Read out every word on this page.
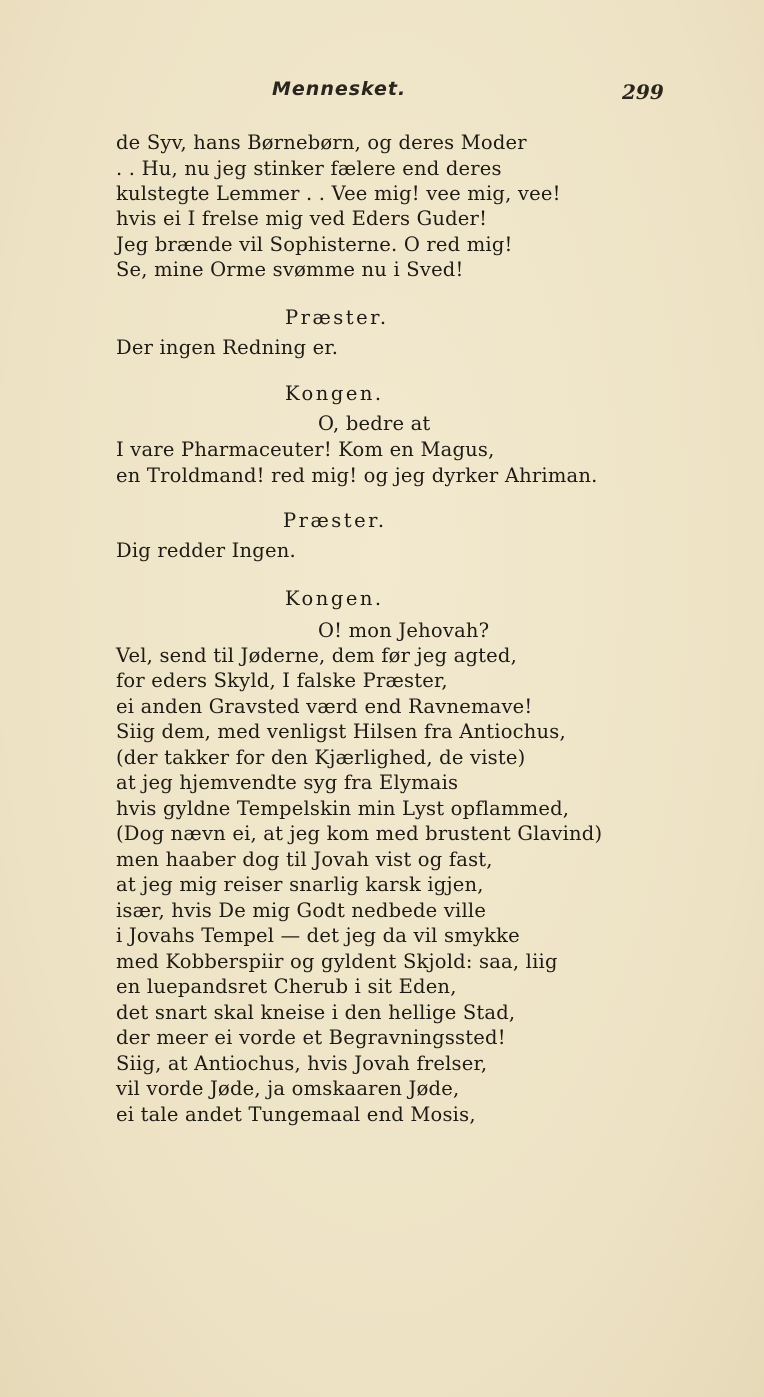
Mennesket.	299
de Syv, hans Børnebørn, og deres Moder
. . Hu, nu jeg stinker fælere end deres
kulstegte Lemmer . . Vee mig! vee mig, vee!
hvis ei I frelse mig ved Eders Guder!
Jeg brænde vil Sophisterne. O red mig!
Se, mine Orme svømme nu i Sved!
Præster.
Der ingen Redning er.
Kongen.
O, bedre at
I vare Pharmaceuter! Kom en Magus,
en Troldmand! red mig! og jeg dyrker Ahriman.
Præster.
Dig redder Ingen.
Kongen.
O! mon Jehovah?
Vel, send til Jøderne, dem før jeg agted,
for eders Skyld, I falske Præster,
ei anden Gravsted værd end Ravnemave!
Siig dem, med venligst Hilsen fra Antiochus,
(der takker for den Kjærlighed, de viste)
at jeg hjemvendte syg fra Elymais
hvis gyldne Tempelskin min Lyst opflammed,
(Dog nævn ei, at jeg kom med brustent Glavind)
men haaber dog til Jovah vist og fast,
at jeg mig reiser snarlig karsk igjen,
især, hvis De mig Godt nedbede ville
i Jovahs Tempel — det jeg da vil smykke
med Kobberspiir og gyldent Skjold: saa, liig
en luepandsret Cherub i sit Eden,
det snart skal kneise i den hellige Stad,
der meer ei vorde et Begravningssted!
Siig, at Antiochus, hvis Jovah frelser,
vil vorde Jøde, ja omskaaren Jøde,
ei tale andet Tungemaal end Mosis,
